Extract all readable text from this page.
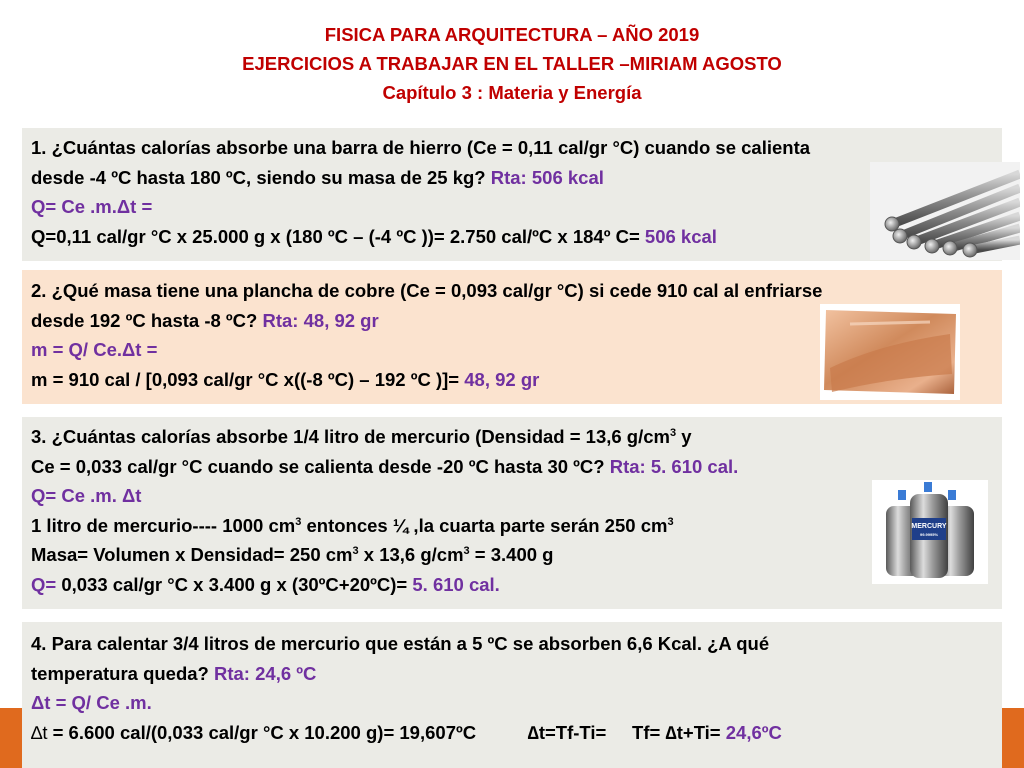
FISICA PARA ARQUITECTURA – AÑO 2019
EJERCICIOS A TRABAJAR EN EL TALLER –MIRIAM AGOSTO
Capítulo 3 : Materia y Energía
1. ¿Cuántas calorías absorbe una barra de hierro (Ce = 0,11 cal/gr °C) cuando se calienta
desde -4 ºC hasta 180 ºC, siendo su masa de 25 kg? Rta: 506 kcal
Q= Ce .m.Δt =
Q=0,11 cal/gr °C x 25.000 g x (180 ºC – (-4 ºC ))= 2.750 cal/ºC x 184º C= 506 kcal
2. ¿Qué masa tiene una plancha de cobre (Ce = 0,093 cal/gr °C) si cede 910 cal al enfriarse
desde 192 ºC hasta -8 ºC? Rta: 48, 92 gr
m = Q/ Ce.Δt =
m = 910 cal / [0,093 cal/gr °C x((-8 ºC) – 192 ºC )]= 48, 92 gr
3. ¿Cuántas calorías absorbe 1/4 litro de mercurio (Densidad = 13,6 $g/cm^3$ y
Ce = 0,033 cal/gr °C cuando se calienta desde -20 ºC hasta 30 ºC? Rta: 5. 610 cal.
Q= Ce .m. Δt
1 litro de mercurio---- 1000 $cm^3$ entonces ¼ ,la cuarta parte serán 250 $cm^3$
Masa= Volumen x Densidad= 250 $cm^3$ x 13,6 $g/cm^3 = 3.400$ g
Q= 0,033 cal/gr °C x 3.400 g x (30ºC+20ºC)= 5. 610 cal.
4. Para calentar 3/4 litros de mercurio que están a 5 ºC se absorben 6,6 Kcal. ¿A qué
temperatura queda? Rta: 24,6 ºC
Δt = Q/ Ce .m.
∆t = 6.600 cal/(0,033 cal/gr °C x 10.200 g)= 19,607ºC          ∆t=Tf-Ti=     Tf= ∆t+Ti= 24,6ºC
MERCURY
99.9995%
